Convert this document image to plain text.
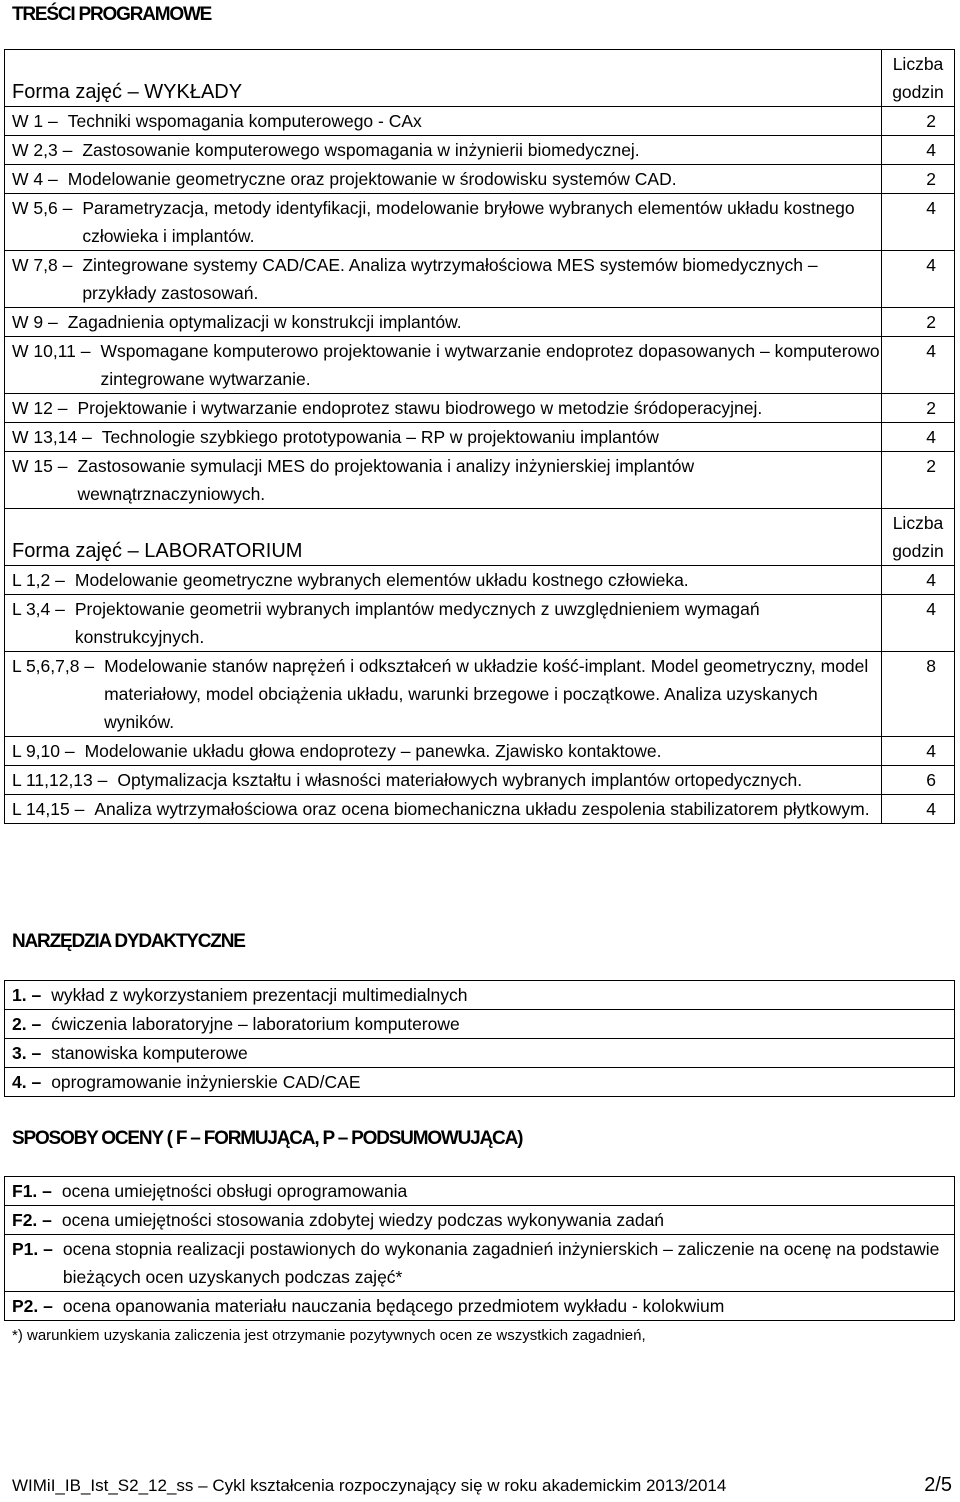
TREŚCI PROGRAMOWE
Forma zajęć – WYKŁADY	Liczba
godzin

W 1 –	Techniki wspomagania komputerowego - CAx	2

W 2,3 –	Zastosowanie komputerowego wspomagania w inżynierii biomedycznej.	4

W 4 –	Modelowanie geometryczne oraz projektowanie w środowisku systemów CAD.	2

W 5,6 –	Parametryzacja, metody identyfikacji, modelowanie bryłowe wybranych elementów układu kostnego człowieka i implantów.	4

W 7,8 –	Zintegrowane systemy CAD/CAE. Analiza wytrzymałościowa MES systemów biomedycznych – przykłady zastosowań.	4

W 9 –	Zagadnienia optymalizacji w konstrukcji implantów.	2

W 10,11 –	Wspomagane komputerowo projektowanie i wytwarzanie endoprotez dopasowanych – komputerowo zintegrowane wytwarzanie.	4

W 12 –	Projektowanie i wytwarzanie endoprotez stawu biodrowego w metodzie śródoperacyjnej.	2

W 13,14 –	Technologie szybkiego prototypowania – RP w projektowaniu implantów	4

W 15 –	Zastosowanie symulacji MES do projektowania i analizy inżynierskiej implantów wewnątrznaczyniowych.	2
Forma zajęć – LABORATORIUM	Liczba
godzin

L 1,2 –	Modelowanie geometryczne wybranych elementów układu kostnego człowieka.	4

L 3,4 –	Projektowanie geometrii wybranych implantów medycznych z uwzględnieniem wymagań konstrukcyjnych.	4

L 5,6,7,8 –	Modelowanie stanów naprężeń i odkształceń w układzie kość-implant. Model geometryczny, model materiałowy, model obciążenia układu, warunki brzegowe i początkowe. Analiza uzyskanych wyników.	8

L 9,10 –	Modelowanie układu głowa endoprotezy – panewka. Zjawisko kontaktowe.	4

L 11,12,13 –	Optymalizacja kształtu i własności materiałowych wybranych implantów ortopedycznych.	6

L 14,15 –	Analiza wytrzymałościowa oraz ocena biomechaniczna układu zespolenia stabilizatorem płytkowym.	4
NARZĘDZIA DYDAKTYCZNE
1. –	wykład z wykorzystaniem prezentacji multimedialnych

2. –	ćwiczenia laboratoryjne – laboratorium komputerowe

3. –	stanowiska komputerowe

4. –	oprogramowanie inżynierskie CAD/CAE
SPOSOBY OCENY ( F – FORMUJĄCA, P – PODSUMOWUJĄCA)
F1. –	ocena umiejętności obsługi oprogramowania

F2. –	ocena umiejętności stosowania zdobytej wiedzy podczas wykonywania zadań

P1. –	ocena stopnia realizacji postawionych do wykonania zagadnień inżynierskich – zaliczenie na ocenę na podstawie bieżących ocen uzyskanych podczas zajęć*

P2. –	ocena opanowania materiału nauczania będącego przedmiotem wykładu - kolokwium
*) warunkiem uzyskania zaliczenia jest otrzymanie pozytywnych ocen ze wszystkich zagadnień,
WIMiI_IB_Ist_S2_12_ss – Cykl kształcenia rozpoczynający się w roku akademickim 2013/2014	2/5
